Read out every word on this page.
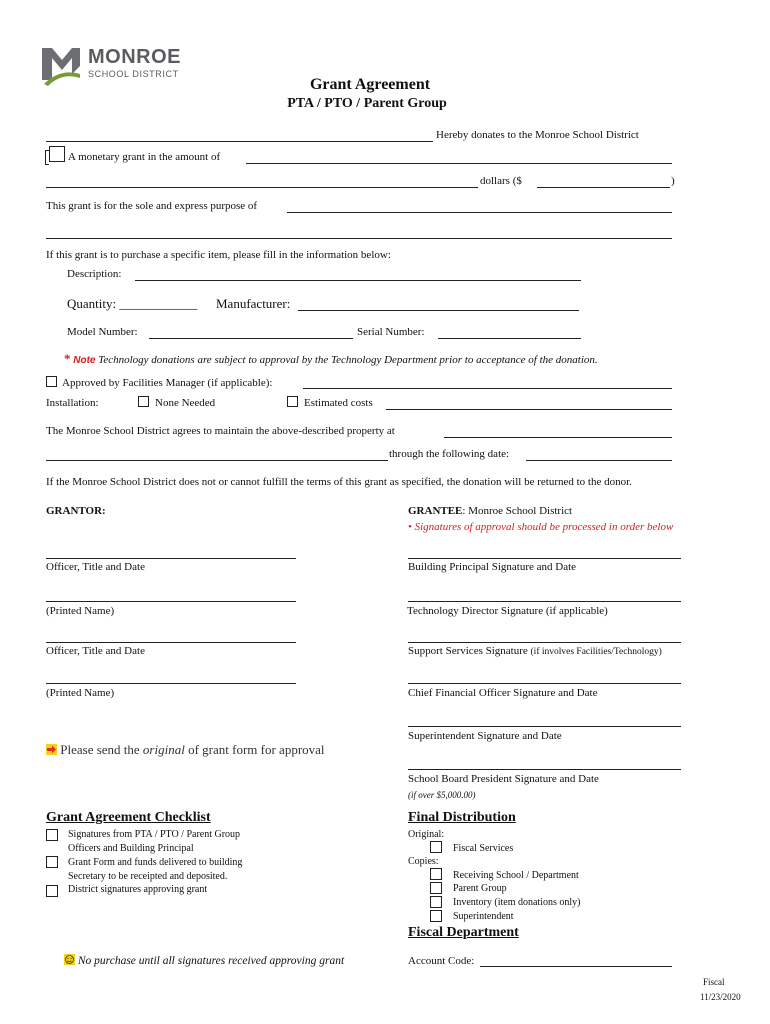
MONROE
SCHOOL DISTRICT
Grant Agreement
PTA / PTO / Parent Group
Hereby donates to the Monroe School District
A monetary grant in the amount of
dollars ($	)
This grant is for the sole and express purpose of
If this grant is to purchase a specific item, please fill in the information below:
Description:
Quantity: ____________ Manufacturer:
Model Number:	Serial Number:
* Note Technology donations are subject to approval by the Technology Department prior to acceptance of the donation.
Approved by Facilities Manager (if applicable):
Installation:	None Needed	Estimated costs
The Monroe School District agrees to maintain the above-described property at
through the following date:
If the Monroe School District does not or cannot fulfill the terms of this grant as specified, the donation will be returned to the donor.
GRANTOR:
Officer, Title and Date
(Printed Name)
Officer, Title and Date
(Printed Name)
GRANTEE: Monroe School District
• Signatures of approval should be processed in order below
Building Principal Signature and Date
Technology Director Signature (if applicable)
Support Services Signature (if involves Facilities/Technology)
Chief Financial Officer Signature and Date
Superintendent Signature and Date
School Board President Signature and Date
(if over $5,000.00)
Please send the original of grant form for approval
Grant Agreement Checklist
Signatures from PTA / PTO / Parent Group
Officers and Building Principal
Grant Form and funds delivered to building
Secretary to be receipted and deposited.
District signatures approving grant
Final Distribution
Original:
Fiscal Services
Copies:
Receiving School / Department
Parent Group
Inventory (item donations only)
Superintendent
Fiscal Department
Account Code:
No purchase until all signatures received approving grant
Fiscal
11/23/2020
